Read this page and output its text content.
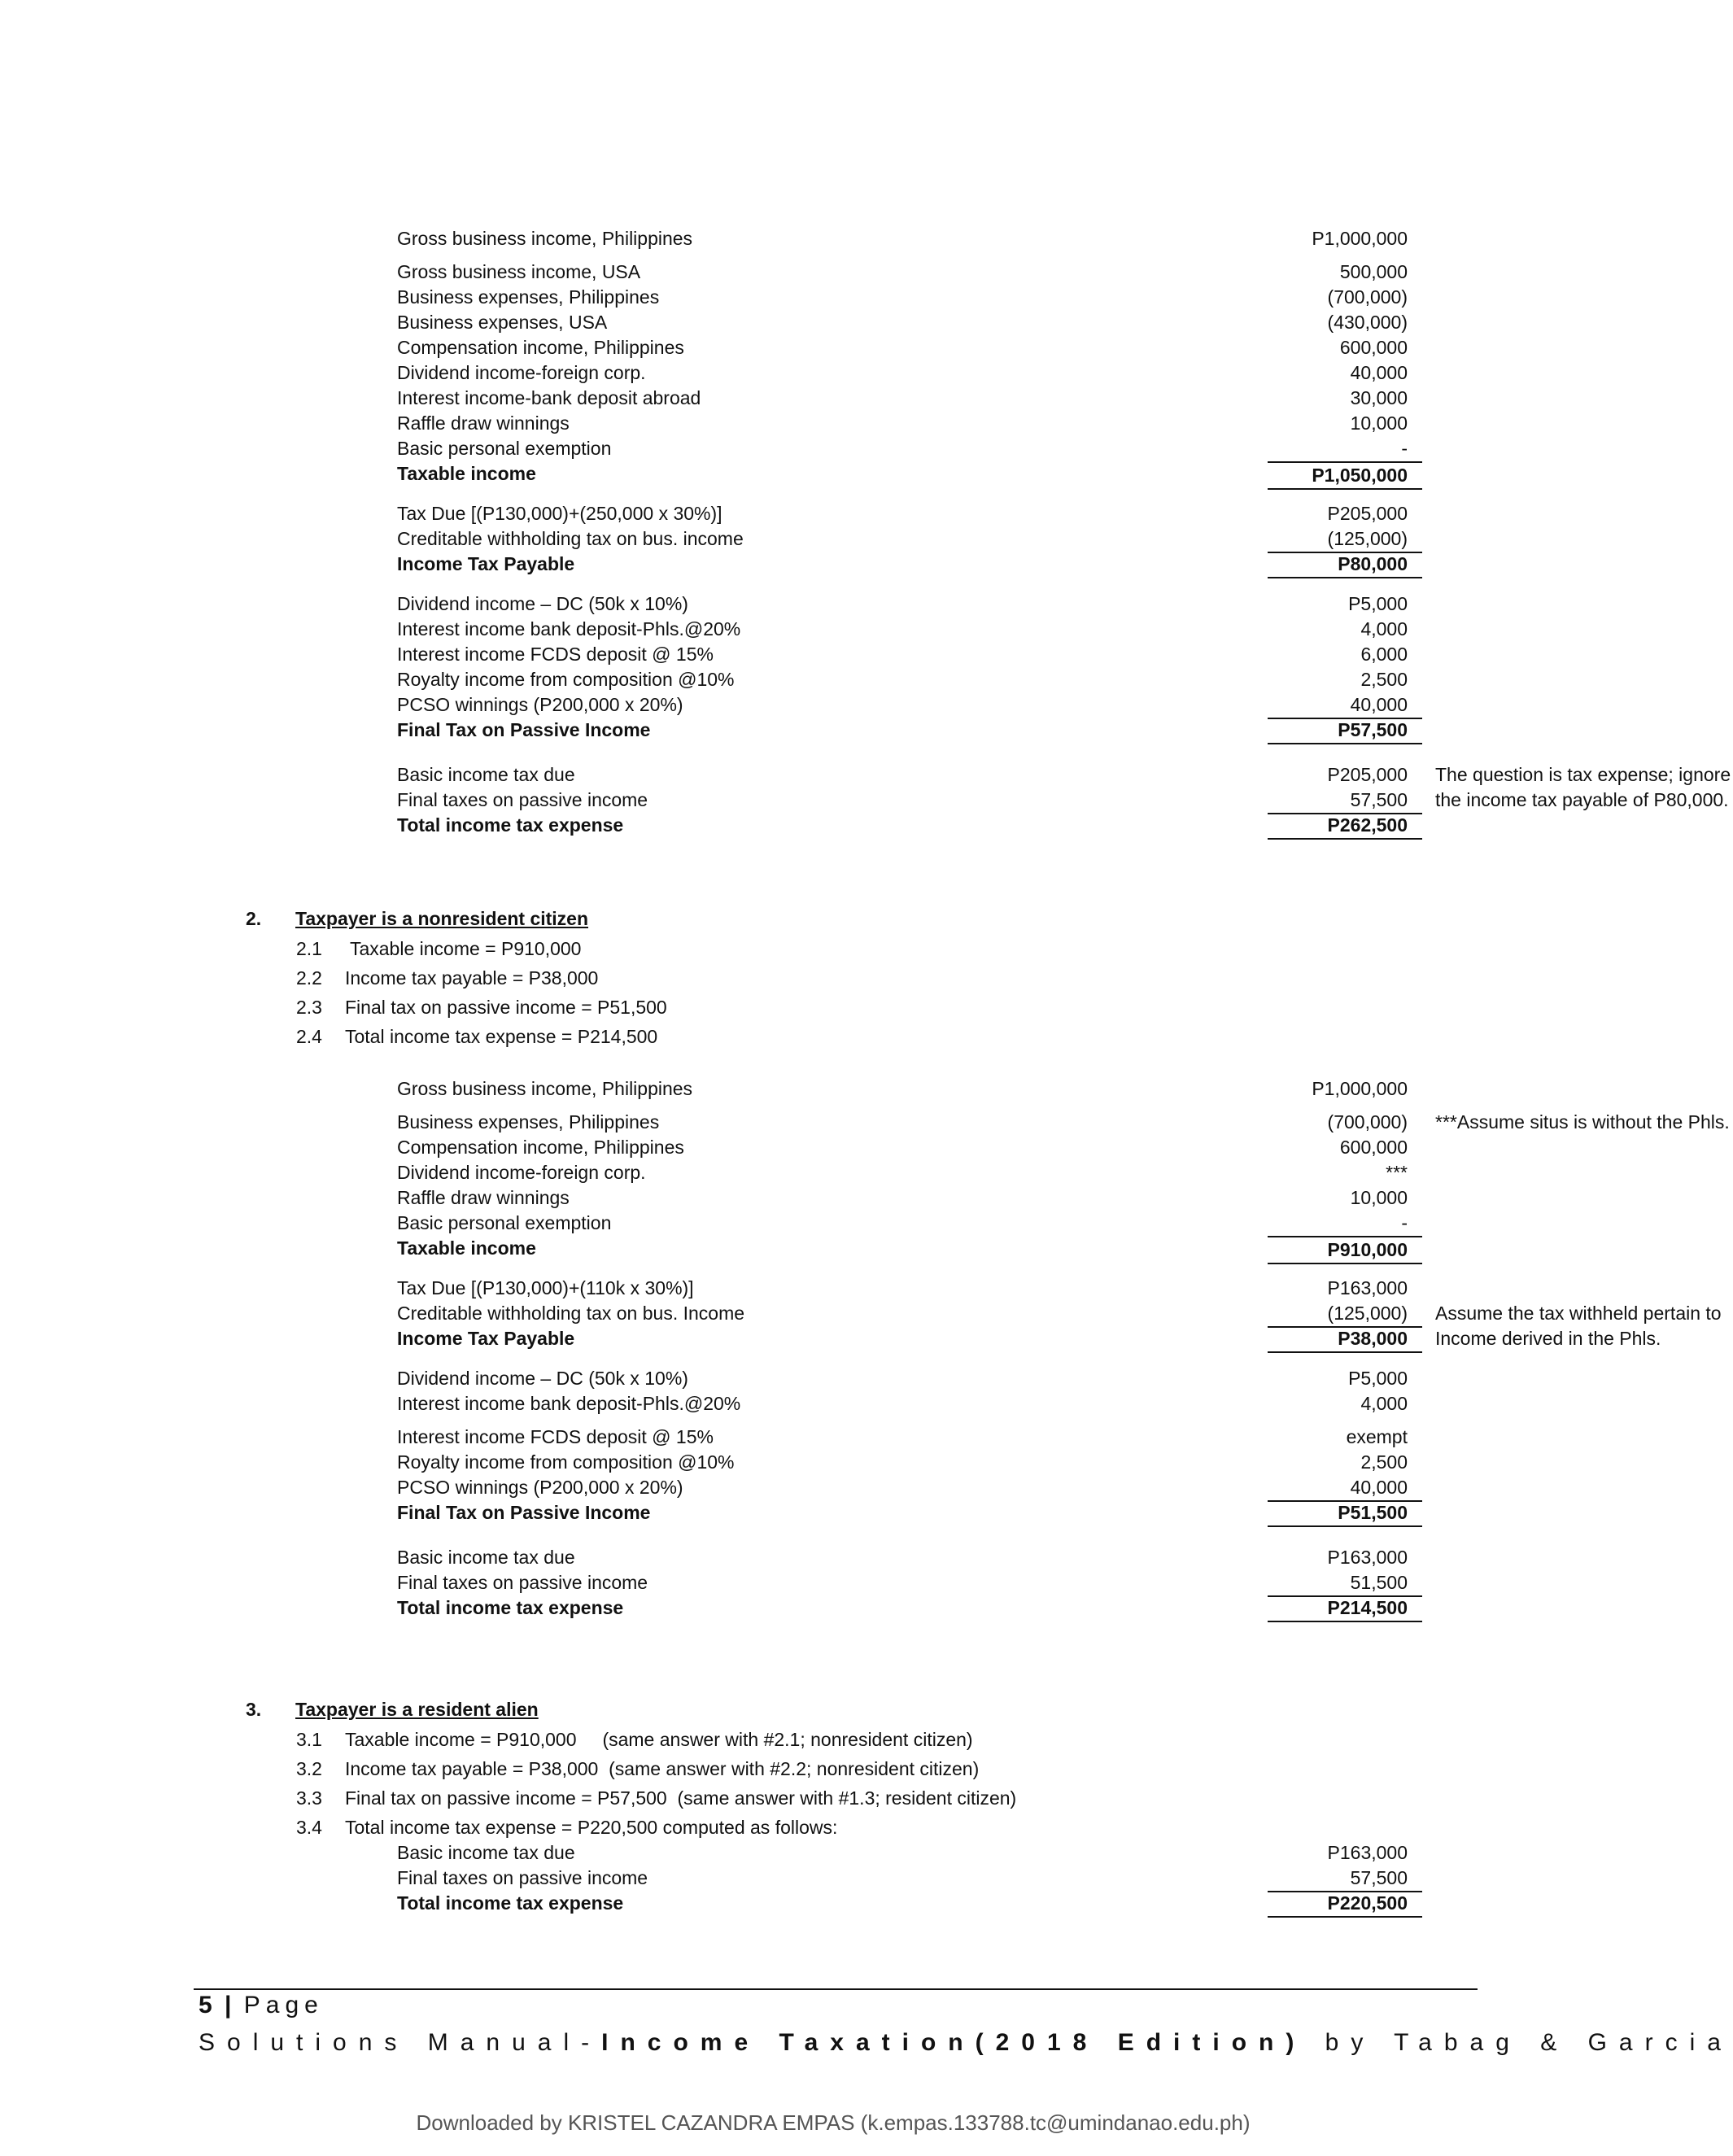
Gross business income, Philippines	P1,000,000
Gross business income, USA	500,000
Business expenses, Philippines	(700,000)
Business expenses, USA	(430,000)
Compensation income, Philippines	600,000
Dividend income-foreign corp.	40,000
Interest income-bank deposit abroad	30,000
Raffle draw winnings	10,000
Basic personal exemption	-
Taxable income	P1,050,000
Tax Due [(P130,000)+(250,000 x 30%)]	P205,000
Creditable withholding tax on bus. income	(125,000)
Income Tax Payable	P80,000
Dividend income – DC (50k x 10%)	P5,000
Interest income bank deposit-Phls.@20%	4,000
Interest income FCDS deposit @ 15%	6,000
Royalty income from composition @10%	2,500
PCSO winnings (P200,000 x 20%)	40,000
Final Tax on Passive Income	P57,500
Basic income tax due	P205,000	The question is tax expense; ignore
Final taxes on passive income	57,500	the income tax payable of P80,000.
Total income tax expense	P262,500
2. Taxpayer is a nonresident citizen
2.1 Taxable income = P910,000
2.2 Income tax payable = P38,000
2.3 Final tax on passive income = P51,500
2.4 Total income tax expense = P214,500
Gross business income, Philippines	P1,000,000
Business expenses, Philippines	(700,000)	***Assume situs is without the Phls.
Compensation income, Philippines	600,000
Dividend income-foreign corp.	***
Raffle draw winnings	10,000
Basic personal exemption	-
Taxable income	P910,000
Tax Due [(P130,000)+(110k x 30%)]	P163,000
Creditable withholding tax on bus. Income	(125,000)	Assume the tax withheld pertain to
Income Tax Payable	P38,000	Income derived in the Phls.
Dividend income – DC (50k x 10%)	P5,000
Interest income bank deposit-Phls.@20%	4,000
Interest income FCDS deposit @ 15%	exempt
Royalty income from composition @10%	2,500
PCSO winnings (P200,000 x 20%)	40,000
Final Tax on Passive Income	P51,500
Basic income tax due	P163,000
Final taxes on passive income	51,500
Total income tax expense	P214,500
3. Taxpayer is a resident alien
3.1 Taxable income = P910,000     (same answer with #2.1; nonresident citizen)
3.2 Income tax payable = P38,000  (same answer with #2.2; nonresident citizen)
3.3 Final tax on passive income = P57,500  (same answer with #1.3; resident citizen)
3.4 Total income tax expense = P220,500 computed as follows:
Basic income tax due	P163,000
Final taxes on passive income	57,500
Total income tax expense	P220,500
5 | Page
Solutions Manual-Income Taxation(2018 Edition) by Tabag & Garcia
Downloaded by KRISTEL CAZANDRA EMPAS (k.empas.133788.tc@umindanao.edu.ph)
